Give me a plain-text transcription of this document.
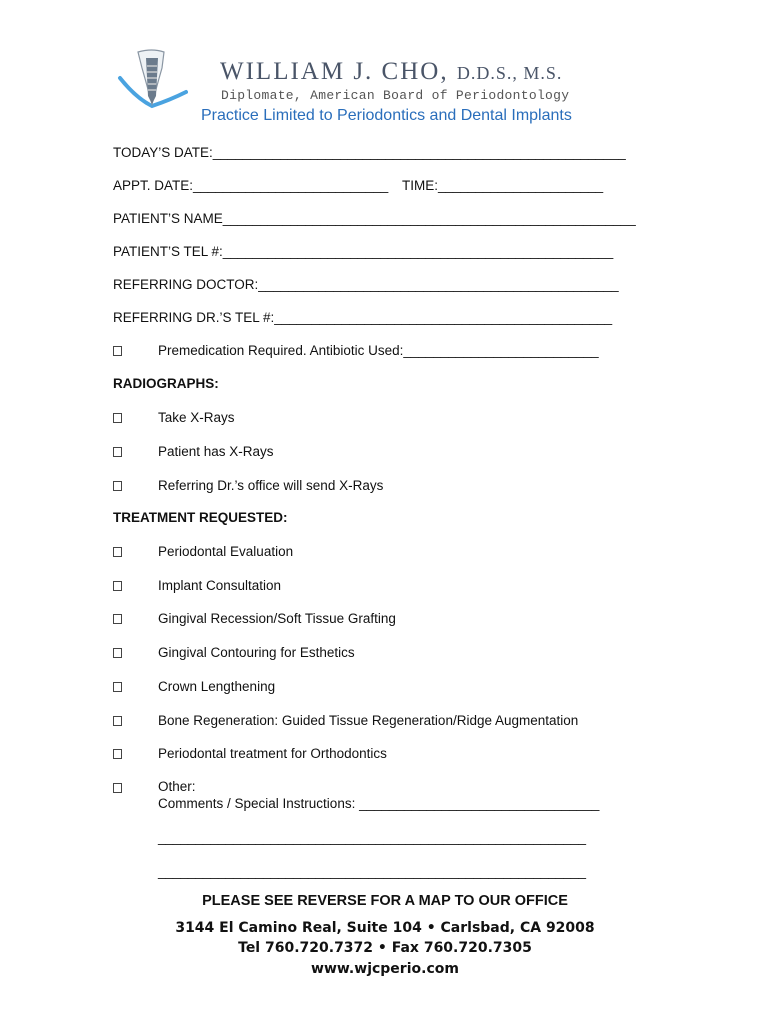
WILLIAM J. CHO, D.D.S., M.S.
Diplomate, American Board of Periodontology
Practice Limited to Periodontics and Dental Implants
TODAY’S DATE:_______________________________________________________
APPT. DATE:__________________________ TIME:______________________
PATIENT’S NAME_______________________________________________________
PATIENT’S TEL #:____________________________________________________
REFERRING DOCTOR:________________________________________________
REFERRING DR.’S TEL #:_____________________________________________
Premedication Required. Antibiotic Used:__________________________
RADIOGRAPHS:
Take X-Rays
Patient has X-Rays
Referring Dr.’s office will send X-Rays
TREATMENT REQUESTED:
Periodontal Evaluation
Implant Consultation
Gingival Recession/Soft Tissue Grafting
Gingival Contouring for Esthetics
Crown Lengthening
Bone Regeneration: Guided Tissue Regeneration/Ridge Augmentation
Periodontal treatment for Orthodontics
Other:
Comments / Special Instructions: ________________________________
_________________________________________________________
_________________________________________________________
PLEASE SEE REVERSE FOR A MAP TO OUR OFFICE
3144 El Camino Real, Suite 104 • Carlsbad, CA 92008
Tel 760.720.7372 • Fax 760.720.7305
www.wjcperio.com
